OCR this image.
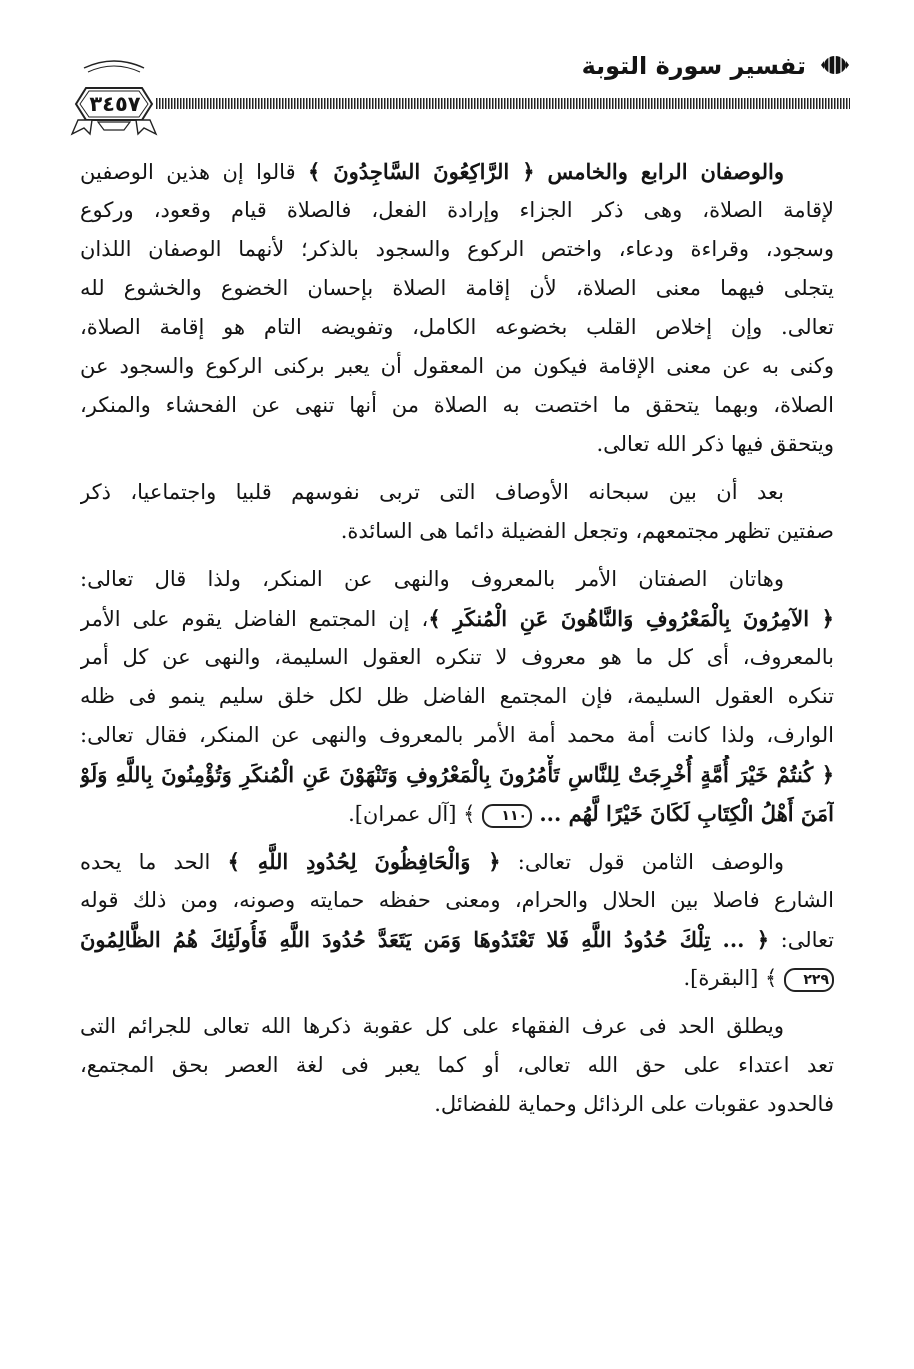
تفسير سورة التوبة
٣٤٥٧
والوصفان الرابع والخامس ﴿ الرَّاكِعُونَ السَّاجِدُونَ ﴾ قالوا إن هذين الوصفين
لإقامة الصلاة، وهى ذكر الجزاء وإرادة الفعل، فالصلاة قيام وقعود، وركوع
وسجود، وقراءة ودعاء، واختص الركوع والسجود بالذكر؛ لأنهما الوصفان اللذان
يتجلى فيهما معنى الصلاة، لأن إقامة الصلاة بإحسان الخضوع والخشوع لله
تعالى. وإن إخلاص القلب بخضوعه الكامل، وتفويضه التام هو إقامة الصلاة،
وكنى به عن معنى الإقامة فيكون من المعقول أن يعبر بركنى الركوع والسجود عن
الصلاة، وبهما يتحقق ما اختصت به الصلاة من أنها تنهى عن الفحشاء والمنكر،
ويتحقق فيها ذكر الله تعالى.
بعد أن بين سبحانه الأوصاف التى تربى نفوسهم قلبيا واجتماعيا، ذكر
صفتين تظهر مجتمعهم، وتجعل الفضيلة دائما هى السائدة.
وهاتان الصفتان الأمر بالمعروف والنهى عن المنكر، ولذا قال تعالى:
﴿ الآمِرُونَ بِالْمَعْرُوفِ وَالنَّاهُونَ عَنِ الْمُنكَرِ ﴾، إن المجتمع الفاضل يقوم على الأمر
بالمعروف، أى كل ما هو معروف لا تنكره العقول السليمة، والنهى عن كل أمر
تنكره العقول السليمة، فإن المجتمع الفاضل ظل لكل خلق سليم ينمو فى ظله
الوارف، ولذا كانت أمة محمد أمة الأمر بالمعروف والنهى عن المنكر، فقال تعالى:
﴿ كُنتُمْ خَيْرَ أُمَّةٍ أُخْرِجَتْ لِلنَّاسِ تَأْمُرُونَ بِالْمَعْرُوفِ وَتَنْهَوْنَ عَنِ الْمُنكَرِ وَتُؤْمِنُونَ بِاللَّهِ وَلَوْ
آمَنَ أَهْلُ الْكِتَابِ لَكَانَ خَيْرًا لَّهُم ... ١١٠ ﴾ [آل عمران].
والوصف الثامن قول تعالى: ﴿ وَالْحَافِظُونَ لِحُدُودِ اللَّهِ ﴾ الحد ما يحده
الشارع فاصلا بين الحلال والحرام، ومعنى حفظه حمايته وصونه، ومن ذلك قوله
تعالى: ﴿ ... تِلْكَ حُدُودُ اللَّهِ فَلا تَعْتَدُوهَا وَمَن يَتَعَدَّ حُدُودَ اللَّهِ فَأُولَئِكَ هُمُ الظَّالِمُونَ
٢٢٩ ﴾ [البقرة].
ويطلق الحد فى عرف الفقهاء على كل عقوبة ذكرها الله تعالى للجرائم التى
تعد اعتداء على حق الله تعالى، أو كما يعبر فى لغة العصر بحق المجتمع،
فالحدود عقوبات على الرذائل وحماية للفضائل.
